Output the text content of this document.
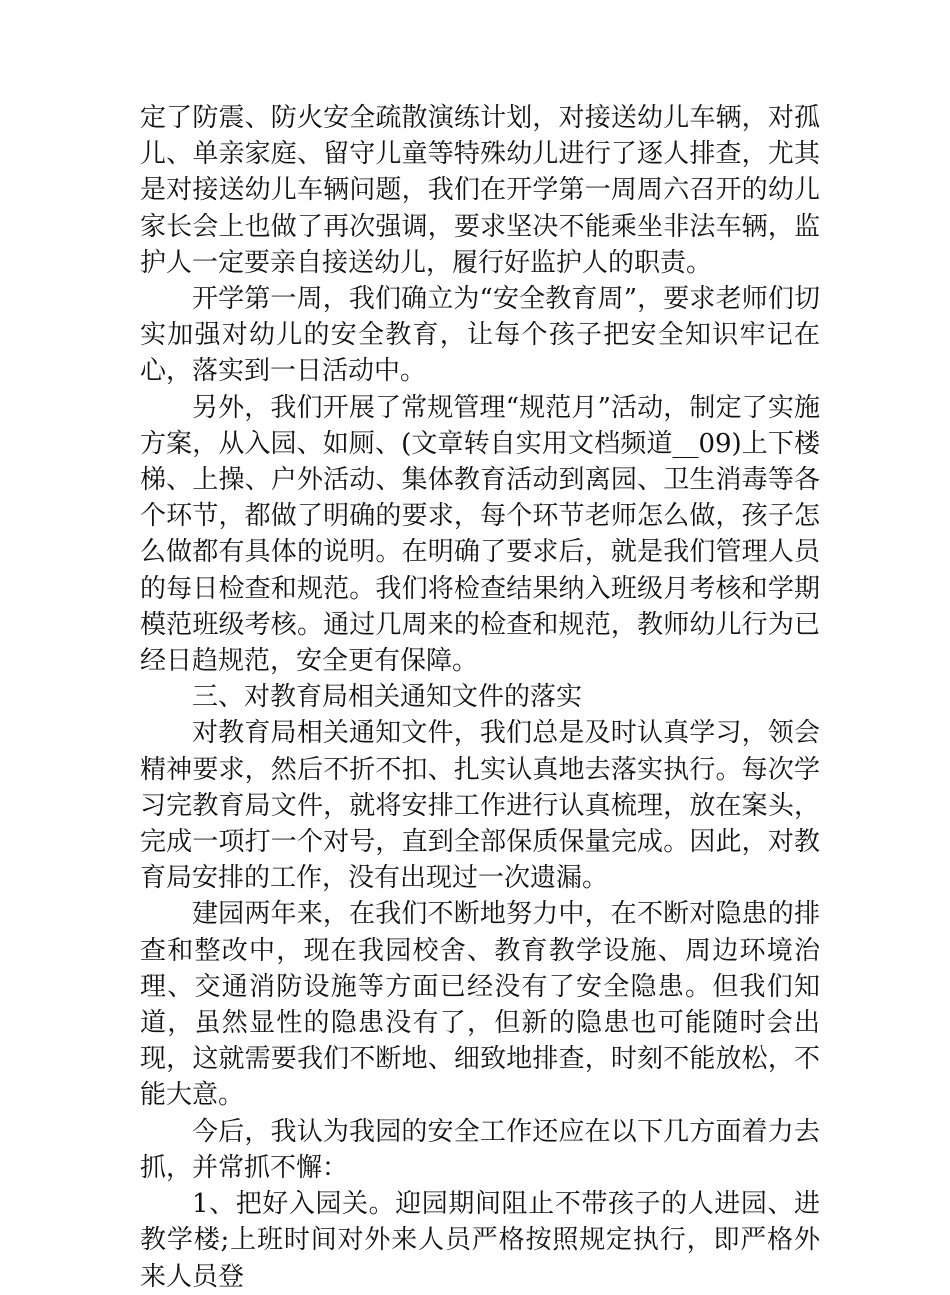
定了防震、防火安全疏散演练计划，对接送幼儿车辆，对孤儿、单亲家庭、留守儿童等特殊幼儿进行了逐人排查，尤其是对接送幼儿车辆问题，我们在开学第一周周六召开的幼儿家长会上也做了再次强调，要求坚决不能乘坐非法车辆，监护人一定要亲自接送幼儿，履行好监护人的职责。

开学第一周，我们确立为“安全教育周”，要求老师们切实加强对幼儿的安全教育，让每个孩子把安全知识牢记在心，落实到一日活动中。

另外，我们开展了常规管理“规范月”活动，制定了实施方案，从入园、如厕、(文章转自实用文档频道__09)上下楼梯、上操、户外活动、集体教育活动到离园、卫生消毒等各个环节，都做了明确的要求，每个环节老师怎么做，孩子怎么做都有具体的说明。在明确了要求后，就是我们管理人员的每日检查和规范。我们将检查结果纳入班级月考核和学期模范班级考核。通过几周来的检查和规范，教师幼儿行为已经日趋规范，安全更有保障。

三、对教育局相关通知文件的落实

对教育局相关通知文件，我们总是及时认真学习，领会精神要求，然后不折不扣、扎实认真地去落实执行。每次学习完教育局文件，就将安排工作进行认真梳理，放在案头，完成一项打一个对号，直到全部保质保量完成。因此，对教育局安排的工作，没有出现过一次遗漏。

建园两年来，在我们不断地努力中，在不断对隐患的排查和整改中，现在我园校舍、教育教学设施、周边环境治理、交通消防设施等方面已经没有了安全隐患。但我们知道，虽然显性的隐患没有了，但新的隐患也可能随时会出现，这就需要我们不断地、细致地排查，时刻不能放松，不能大意。

今后，我认为我园的安全工作还应在以下几方面着力去抓，并常抓不懈：

1、把好入园关。迎园期间阻止不带孩子的人进园、进教学楼;上班时间对外来人员严格按照规定执行，即严格外来人员登
